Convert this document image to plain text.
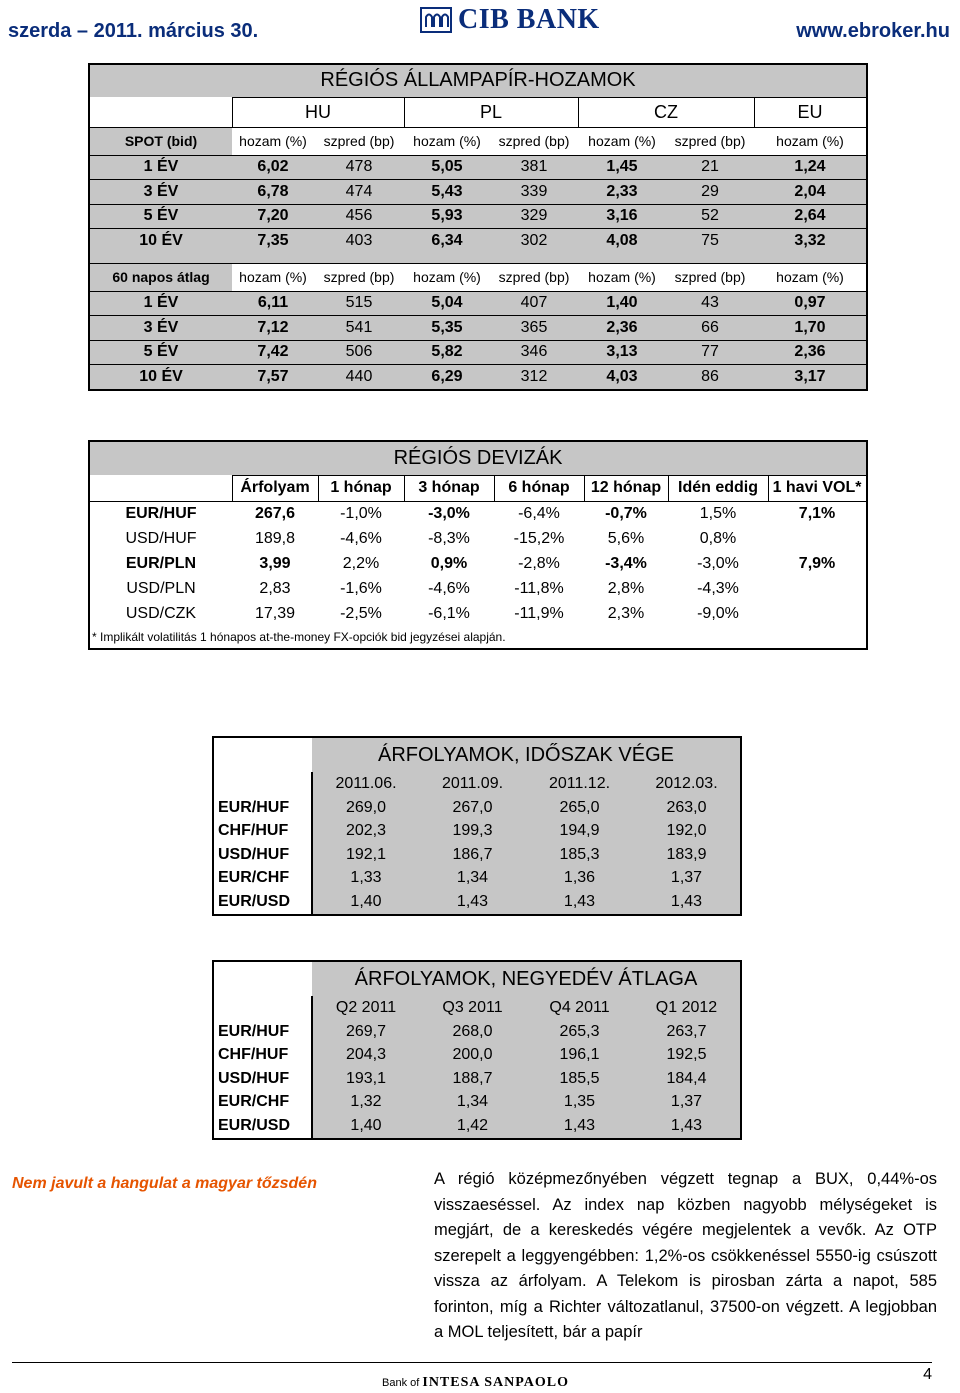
szerda – 2011. március 30.	CIB BANK	www.ebroker.hu
RÉGIÓS ÁLLAMPAPÍR-HOZAMOK							
	HU		PL		CZ		EU
SPOT (bid)	hozam (%)	szpred (bp)	hozam (%)	szpred (bp)	hozam (%)	szpred (bp)	hozam (%)
1 ÉV	6,02	478	5,05	381	1,45	21	1,24
3 ÉV	6,78	474	5,43	339	2,33	29	2,04
5 ÉV	7,20	456	5,93	329	3,16	52	2,64
10 ÉV	7,35	403	6,34	302	4,08	75	3,32

60 napos átlag	hozam (%)	szpred (bp)	hozam (%)	szpred (bp)	hozam (%)	szpred (bp)	hozam (%)
1 ÉV	6,11	515	5,04	407	1,40	43	0,97
3 ÉV	7,12	541	5,35	365	2,36	66	1,70
5 ÉV	7,42	506	5,82	346	3,13	77	2,36
10 ÉV	7,57	440	6,29	312	4,03	86	3,17
RÉGIÓS DEVIZÁK							
	Árfolyam	1 hónap	3 hónap	6 hónap	12 hónap	Idén eddig	1 havi VOL*
EUR/HUF	267,6	-1,0%	-3,0%	-6,4%	-0,7%	1,5%	7,1%
USD/HUF	189,8	-4,6%	-8,3%	-15,2%	5,6%	0,8%	
EUR/PLN	3,99	2,2%	0,9%	-2,8%	-3,4%	-3,0%	7,9%
USD/PLN	2,83	-1,6%	-4,6%	-11,8%	2,8%	-4,3%	
USD/CZK	17,39	-2,5%	-6,1%	-11,9%	2,3%	-9,0%	
* Implikált volatilitás 1 hónapos at-the-money FX-opciók bid jegyzései alapján.							
	ÁRFOLYAMOK, IDŐSZAK VÉGE			
	2011.06.	2011.09.	2011.12.	2012.03.
EUR/HUF	269,0	267,0	265,0	263,0
CHF/HUF	202,3	199,3	194,9	192,0
USD/HUF	192,1	186,7	185,3	183,9
EUR/CHF	1,33	1,34	1,36	1,37
EUR/USD	1,40	1,43	1,43	1,43
	ÁRFOLYAMOK, NEGYEDÉV ÁTLAGA			
	Q2 2011	Q3 2011	Q4 2011	Q1 2012
EUR/HUF	269,7	268,0	265,3	263,7
CHF/HUF	204,3	200,0	196,1	192,5
USD/HUF	193,1	188,7	185,5	184,4
EUR/CHF	1,32	1,34	1,35	1,37
EUR/USD	1,40	1,42	1,43	1,43
Nem javult a hangulat a magyar tőzsdén	A régió középmezőnyében végzett tegnap a BUX, 0,44%-os visszaeséssel. Az index nap közben nagyobb mélységeket is megjárt, de a kereskedés végére megjelentek a vevők. Az OTP szerepelt a leggyengébben: 1,2%-os csökkenéssel 5550-ig csúszott vissza az árfolyam. A Telekom is pirosban zárta a napot, 585 forinton, míg a Richter változatlanul, 37500-on végzett. A legjobban a MOL teljesített, bár a papír
Bank of INTESA SANPAOLO	4
